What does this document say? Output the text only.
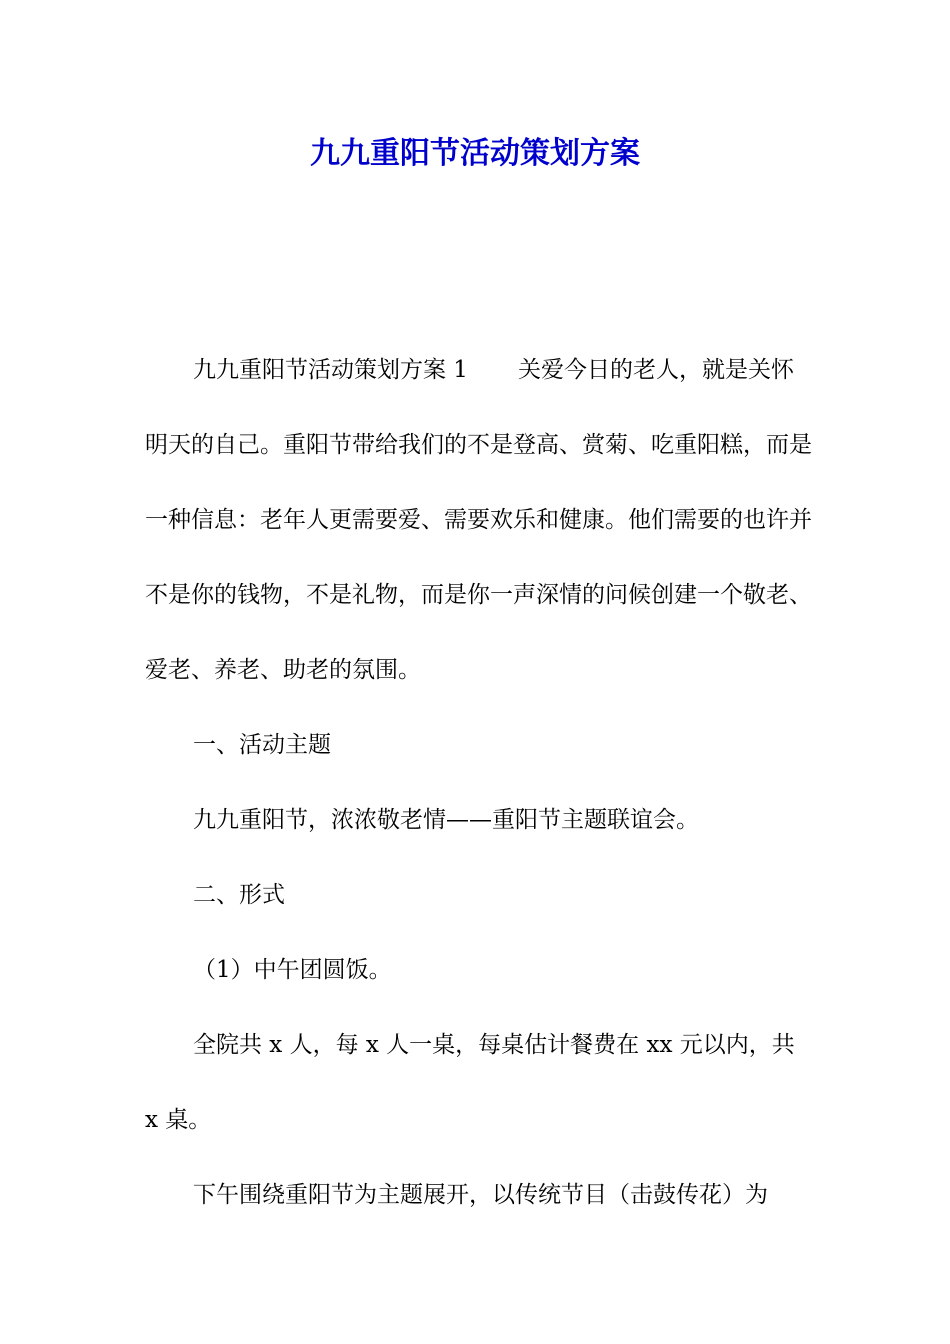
九九重阳节活动策划方案

九九重阳节活动策划方案 1 关爱今日的老人，就是关怀明天的自己。重阳节带给我们的不是登高、赏菊、吃重阳糕，而是一种信息：老年人更需要爱、需要欢乐和健康。他们需要的也许并不是你的钱物，不是礼物，而是你一声深情的问候创建一个敬老、爱老、养老、助老的氛围。

一、活动主题

九九重阳节，浓浓敬老情——重阳节主题联谊会。

二、形式

（1）中午团圆饭。

全院共 x 人，每 x 人一桌，每桌估计餐费在 xx 元以内，共 x 桌。

下午围绕重阳节为主题展开，以传统节目（击鼓传花）为
